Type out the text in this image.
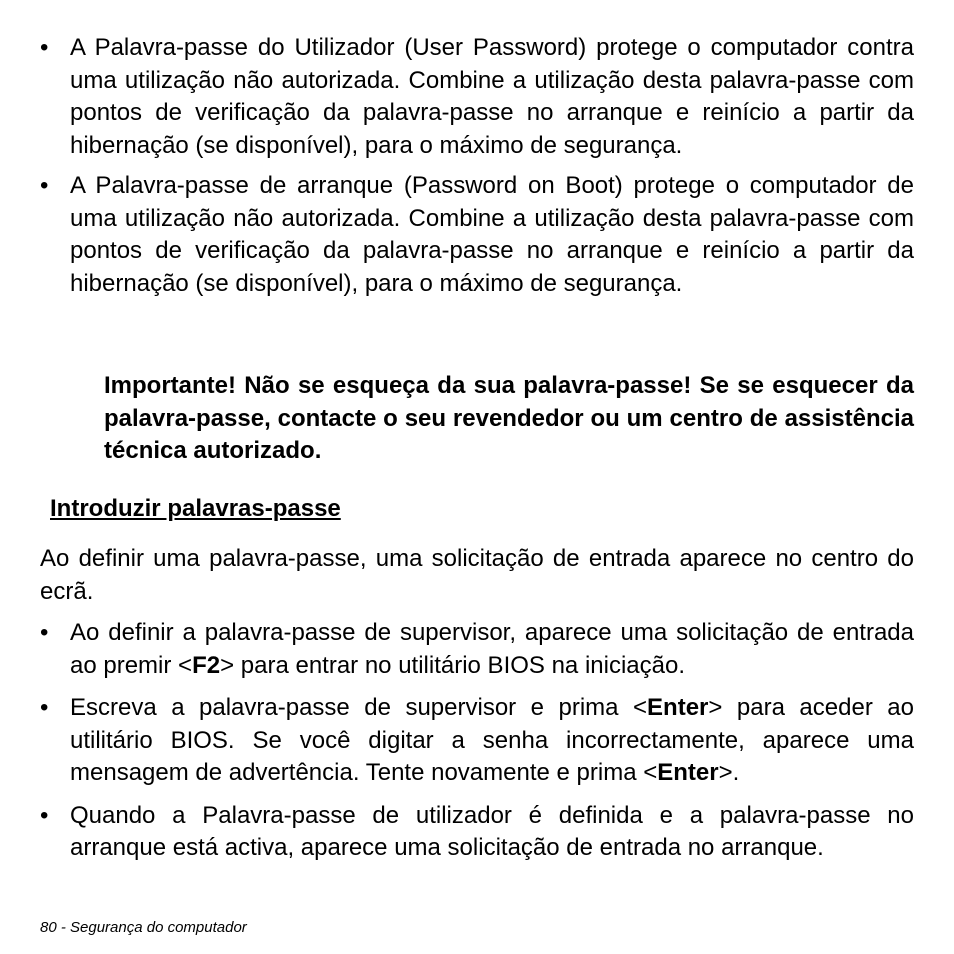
• A Palavra-passe do Utilizador (User Password) protege o computador contra uma utilização não autorizada. Combine a utilização desta palavra-passe com pontos de verificação da palavra-passe no arranque e reinício a partir da hibernação (se disponível), para o máximo de segurança.
• A Palavra-passe de arranque (Password on Boot) protege o computador de uma utilização não autorizada. Combine a utilização desta palavra-passe com pontos de verificação da palavra-passe no arranque e reinício a partir da hibernação (se disponível), para o máximo de segurança.
Importante! Não se esqueça da sua palavra-passe! Se se esquecer da palavra-passe, contacte o seu revendedor ou um centro de assistência técnica autorizado.
Introduzir palavras-passe
Ao definir uma palavra-passe, uma solicitação de entrada aparece no centro do ecrã.
• Ao definir a palavra-passe de supervisor, aparece uma solicitação de entrada ao premir <F2> para entrar no utilitário BIOS na iniciação.
• Escreva a palavra-passe de supervisor e prima <Enter> para aceder ao utilitário BIOS. Se você digitar a senha incorrectamente, aparece uma mensagem de advertência. Tente novamente e prima <Enter>.
• Quando a Palavra-passe de utilizador é definida e a palavra-passe no arranque está activa, aparece uma solicitação de entrada no arranque.
80 - Segurança do computador
